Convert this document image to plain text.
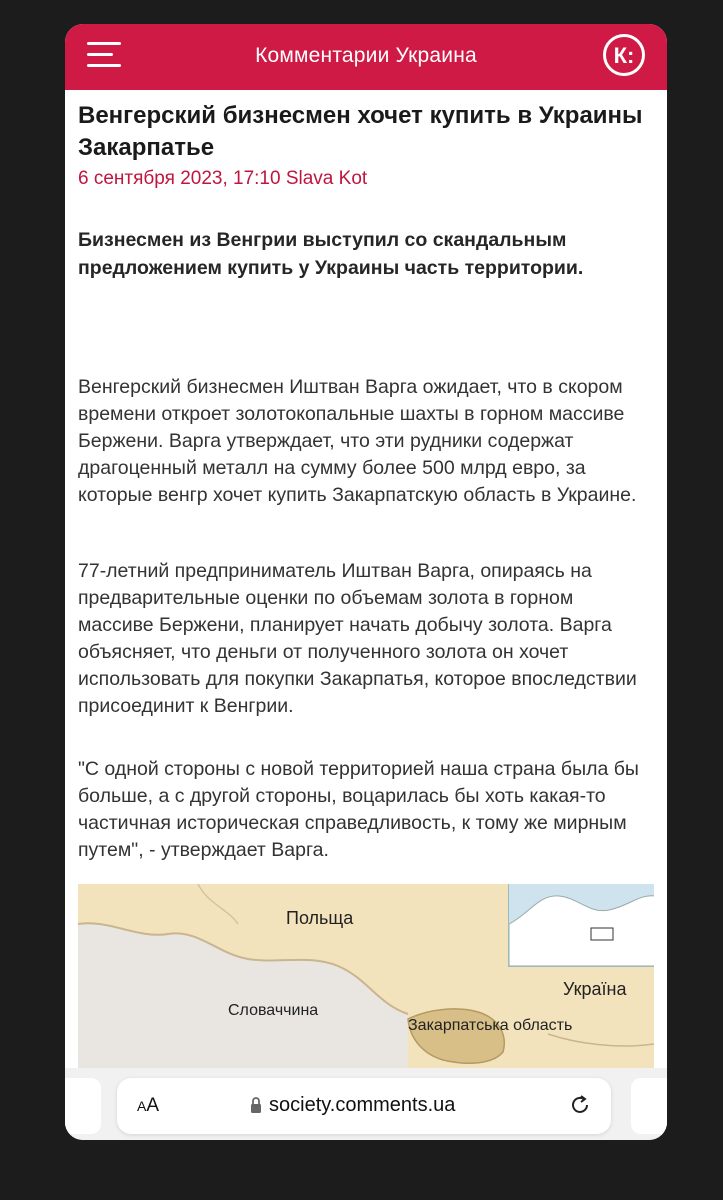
Комментарии Украина	К:
Венгерский бизнесмен хочет купить в Украины Закарпатье
6 сентября 2023, 17:10 Slava Kot
Бизнесмен из Венгрии выступил со скандальным предложением купить у Украины часть территории.
Венгерский бизнесмен Иштван Варга ожидает, что в скором времени откроет золотокопальные шахты в горном массиве Бержени. Варга утверждает, что эти рудники содержат драгоценный металл на сумму более 500 млрд евро, за которые венгр хочет купить Закарпатскую область в Украине.
77-летний предприниматель Иштван Варга, опираясь на предварительные оценки по объемам золота в горном массиве Бержени, планирует начать добычу золота. Варга объясняет, что деньги от полученного золота он хочет использовать для покупки Закарпатья, которое впоследствии присоединит к Венгрии.
"С одной стороны с новой территорией наша страна была бы больше, а с другой стороны, воцарилась бы хоть какая-то частичная историческая справедливость, к тому же мирным путем", - утверждает Варга.
Польща
Словаччина
Україна
Закарпатська область
AA	society.comments.ua
